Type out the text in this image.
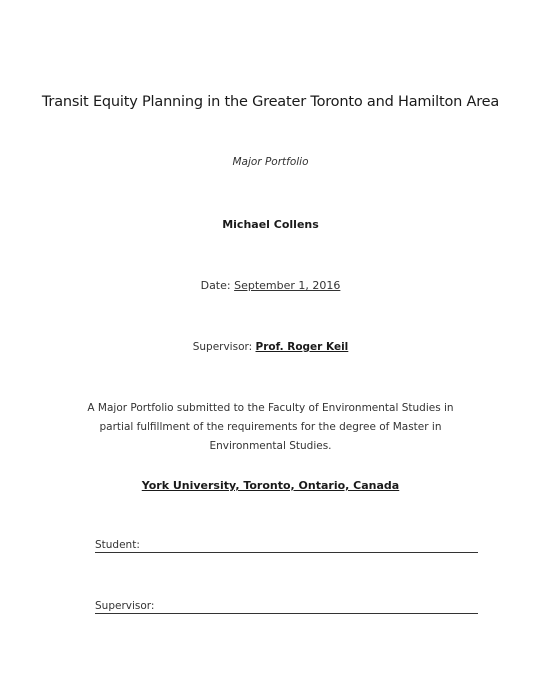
Transit Equity Planning in the Greater Toronto and Hamilton Area
Major Portfolio
Michael Collens
Date: September 1, 2016
Supervisor: Prof. Roger Keil
A Major Portfolio submitted to the Faculty of Environmental Studies in partial fulfillment of the requirements for the degree of Master in Environmental Studies.
York University, Toronto, Ontario, Canada
Student:
Supervisor:
